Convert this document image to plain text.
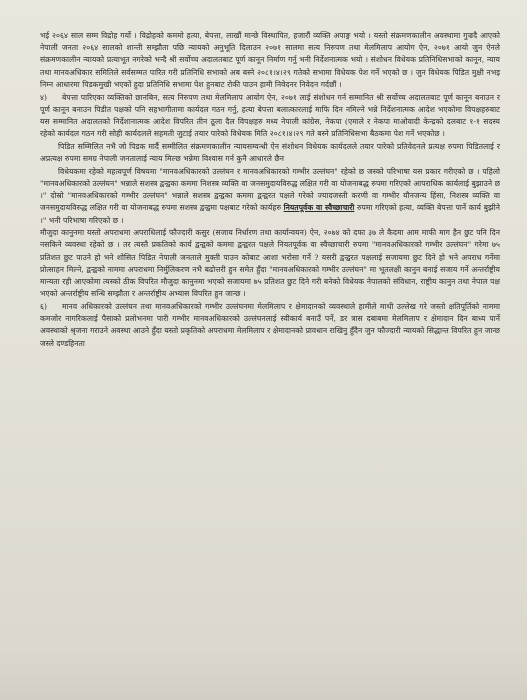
भई २०६४ साल सम्म विद्रोह गर्यो । विद्रोहको कममो हत्या, बेपत्ता, लाखौं मान्छे विस्थापित, हजारौं व्यक्ति अपाङ्ग भयो । यस्तो संक्रमणकालीन अवस्थामा गुज्रदै आएको नेपाली जनता २०६४ सालको शान्ती सम्झौता पछि न्यायको अनुभूति दिलाउन २०७१ सालमा सत्य निरुपण तथा मेलमिलाप आयोग ऐन, २०७१ आयो जुन ऐनले संक्रमणकालीन न्यायको प्रत्याभूत नगरेको भन्दै श्री सर्वोच्च अदालतबाट पूर्ण कानून निर्माण गर्नु भनी निर्देशनात्मक भयो । संशोधन विधेयक प्रतिनिधिसभाको कानून, न्याय तथा मानवअधिकार समितिले सर्वसम्मत पारित गरी प्रतिनिधि सभाको अब बस्ने २०८१।४।२९ गतेको सभामा विधेयक पेश गर्ने भएको छ । जुन विधेयक पिडित मुक्षी नभइ निम्न आधारमा पिडकमुखी भएकों हुदा प्रतिनिधि सभामा पेश हुनबाट रोकी पाउन हामी निवेदनर निवेदन गर्दछौं ।

४) बेपत्ता पारिएका व्यक्तिको छानबिन, सत्य निरुपण तथा मेलमिलाप आयोग ऐन, २०७१ लाई संशोधन गर्न सम्मानित श्री सर्वोच्च अदालतबाट पूर्ण कानून बनाउन र पूर्ण कानून बनाउन पिडीत पक्षको पनि सहभागीतामा कार्यदल गठन गर्नु, हत्या बेपत्ता बलात्कारलाई माफि दिन नमिल्ने भन्ने निर्देशनात्मक आदेश भएकोमा विपक्षहरुबाट यस सम्मानित अदालतको निर्देशानात्मक आदेश विपरित तीन ठूला दैल विपक्षहरु मध्य नेपाली कांग्रेस, नेकपा (एमाले र नेकपा माओवादी केन्द्रको दलबाट १-१ सदस्य रहेको कार्यदल गठन गरी सोही कार्यदलले सहमती जुटाई तयार पारेको विधेयक मिति २०८१।४।२९ गते बस्ने प्रतिनिधिसभा बैठकमा पेश गर्ने भएकोछ ।

पिडित सम्मिलित नभै जो पिडक मार्दै सम्मीलित संक्रमणकालीन न्यायसम्वन्धी ऐन संशोधन विधेयक कार्यदलले तयार पारेको प्रतिवेदनले प्रत्यक्ष रुपमा पिडितलाई र अप्रत्यक्ष रुपमा समग्र नेपाली जनतालाई न्याय मिल्छ भन्नेमा विश्वास गर्न कुनै आधारले छैन

विधेयकमा रहेको महत्वपूर्ण विषयमा "मानवअधिकारको उल्लंघन र मानवअधिकारको गम्भीर उल्लंघन" रहेको छ जस्को परिभाषा यस प्रकार गरीएको छ । पहिलो "मानवअधिकारको उल्लंघन" भन्नाले सशस्त्र द्वन्द्वका कममा निशस्त्र व्यक्ति वा जनसमुदायविरुद्ध लक्षित गरी वा योजनाबद्ध रुपमा गरिएको आपराधिक कार्यलाई बुझाउने छ ।" दोस्रो "मानवअधिकारको गम्भीर उल्लंघन" भन्नाले सशस्त्र द्वन्द्वका कममा द्वन्द्वरत पक्षले गरेको ज्यादजस्ती करणी वा गम्भीर यौनजन्य हिंसा, निशस्त्र व्यक्ति वा जनसमुदायविरुद्ध लक्षित गरी वा योजनाबद्ध रुपमा सशस्त्र द्वन्द्वमा पक्षबाट गरेको कार्यहरु नियतपूर्वक वा स्वैच्छाचारी रुपमा गरिएको हत्या, व्यक्ति बेपत्ता पार्ने कार्य बुझीने ।" भनी परिभाषा गरिएको छ ।

मौजुदा कानुनमा यस्तो अपराधमा अपराधिलाई फौज्दारी कसुर (सजाय निर्धारण तथा कार्यान्वयन) ऐन, २०७४ को दफा ३७ ले कैदमा आम माफी माग हैन छुट पनि दिन नसकिने व्यवस्था रहेको छ । तर त्यस्तै प्रकतिको कार्य द्वन्द्वको कममा द्वन्द्वरत पक्षले नियतपूर्वक वा स्वैच्छाचारी रुपमा "मानवअधिकारको गम्भीर उल्लंघन" गरेमा ७५ प्रतिशत छुट पाउने हो भने शोसित पिडित नेपाली जनताले मुक्ती पाउन कोबाट आशा भरोसा गर्ने ? यसरी द्वन्द्वरत पक्षलाई सजायमा छुट दिने हो भने अपराध गर्नेमा प्रोत्साहन मिल्ने, द्वन्द्वको नाममा अपराधमा निर्मुलिकरण नभै बढोत्तरी हुन समेत हुँदा "मानवअधिकारको गम्भीर उल्लंघन" मा भूतलक्षी कानुन बनाई सजाय गर्ने अन्तर्राष्ट्रीय मान्यता रही आएकोमा त्यस्को ठीक विपरित मौजुदा कानुनमा भएको सजायमा ७५ प्रतिशत छुट दिने गरी बनेको विधेयक नेपालको संविधान, राष्ट्रीय कानुन तथा नेपाल पक्ष भएको अन्तर्राष्ट्रीय सन्धि सम्झौता र अन्तर्राष्ट्रीय अभ्यास विपरित हुन जान्छ ।

६) मानव अधिकारको उल्लंघन तथा मानवअधिकारको गम्भीर उल्लंघनमा मेलमिलाप र क्षेमादानको व्यवस्थाले हामीले माथी उल्लेख गरे जस्तो क्षतिपूर्तिको नाममा कमजोर नागरिकलाई पैसाको प्रलोभनमा पारी गम्भीर मानवअधिकारको उल्लंघनलाई स्वीकार्य बनाउँ पर्ने, डर त्रास दबाबमा मेलमिलाप र क्षेमादान दिन बाध्य पार्ने अवस्थाको श्रृजना गराउने अवस्था आउने हुँदा यस्तो प्रकृतिको अपराधमा मेलमिलाप र क्षेमादानको प्रावधान राखिनु हुँदैन जुन फौज्दारी न्यायको सिद्धान्त विपरित हुन जान्छ जस्ले दण्डहिनता
